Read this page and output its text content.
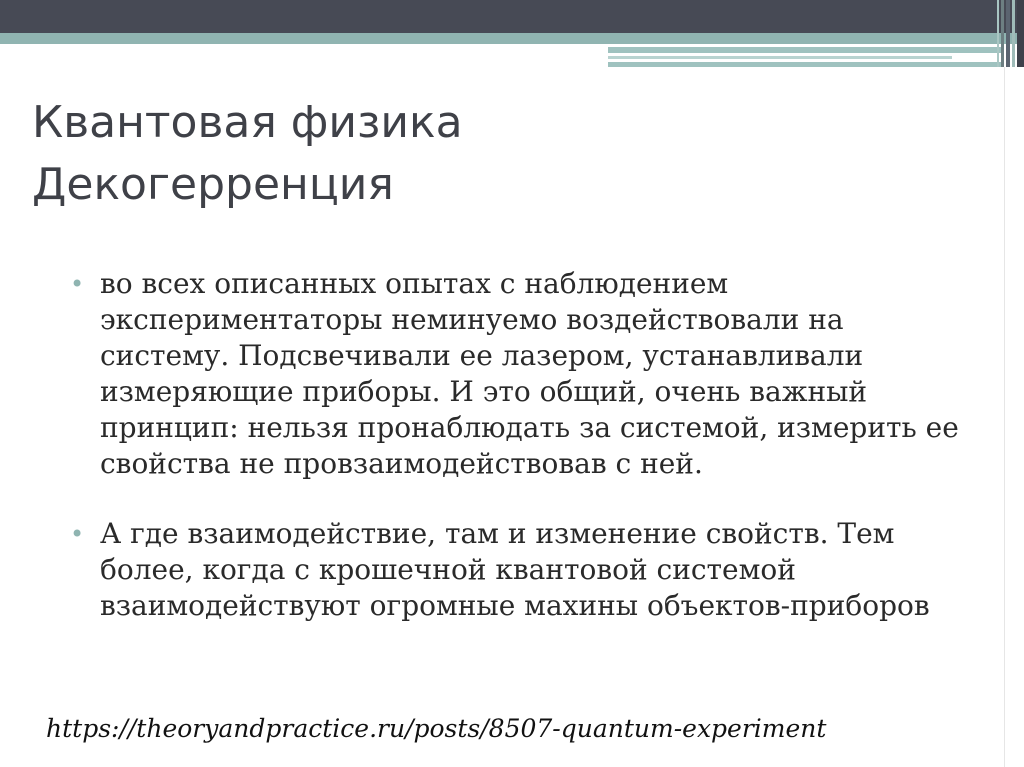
Квантовая физика
Декогерренция
• во всех описанных опытах с наблюдением экспериментаторы неминуемо воздействовали на систему. Подсвечивали ее лазером, устанавливали измеряющие приборы. И это общий, очень важный принцип: нельзя пронаблюдать за системой, измерить ее свойства не провзаимодействовав с ней.
• А где взаимодействие, там и изменение свойств. Тем более, когда с крошечной квантовой системой взаимодействуют огромные махины объектов-приборов
https://theoryandpractice.ru/posts/8507-quantum-experiment
